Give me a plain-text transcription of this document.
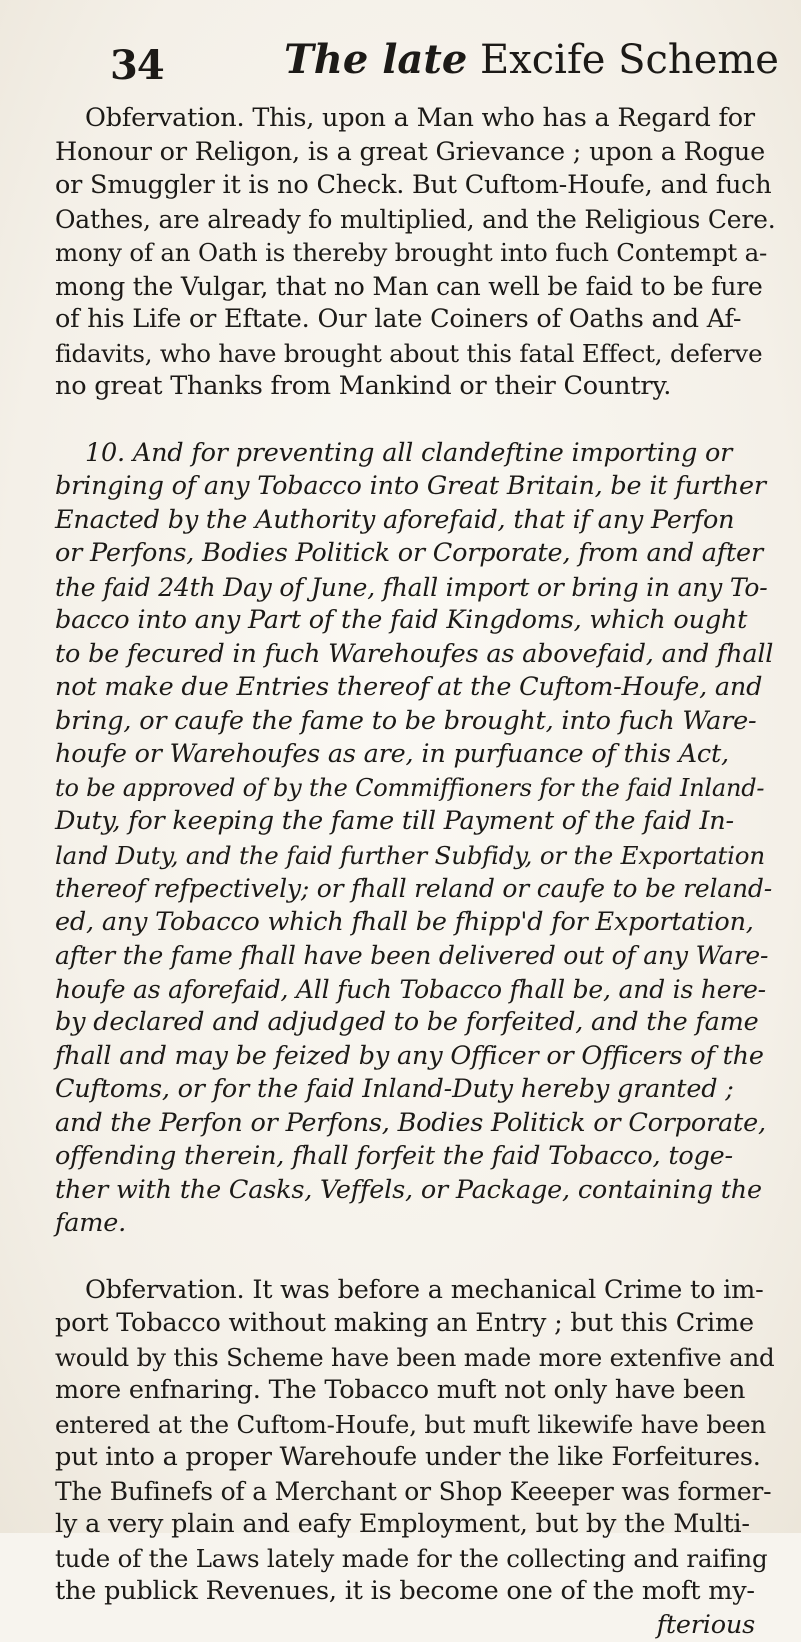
34	The late Excife Scheme
Obfervation. This, upon a Man who has a Regard for
Honour or Religon, is a great Grievance ; upon a Rogue
or Smuggler it is no Check. But Cuftom-Houfe, and fuch
Oathes, are already fo multiplied, and the Religious Cere.
mony of an Oath is thereby brought into fuch Contempt a-
mong the Vulgar, that no Man can well be faid to be fure
of his Life or Eftate. Our late Coiners of Oaths and Af-
fidavits, who have brought about this fatal Effect, deferve
no great Thanks from Mankind or their Country.
10. And for preventing all clandeftine importing or
bringing of any Tobacco into Great Britain, be it further
Enacted by the Authority aforefaid, that if any Perfon
or Perfons, Bodies Politick or Corporate, from and after
the faid 24th Day of June, fhall import or bring in any To-
bacco into any Part of the faid Kingdoms, which ought
to be fecured in fuch Warehoufes as abovefaid, and fhall
not make due Entries thereof at the Cuftom-Houfe, and
bring, or caufe the fame to be brought, into fuch Ware-
houfe or Warehoufes as are, in purfuance of this Act,
to be approved of by the Commiffioners for the faid Inland-
Duty, for keeping the fame till Payment of the faid In-
land Duty, and the faid further Subfidy, or the Exportation
thereof refpectively; or fhall reland or caufe to be reland-
ed, any Tobacco which fhall be fhipp'd for Exportation,
after the fame fhall have been delivered out of any Ware-
houfe as aforefaid, All fuch Tobacco fhall be, and is here-
by declared and adjudged to be forfeited, and the fame
fhall and may be feized by any Officer or Officers of the
Cuftoms, or for the faid Inland-Duty hereby granted ;
and the Perfon or Perfons, Bodies Politick or Corporate,
offending therein, fhall forfeit the faid Tobacco, toge-
ther with the Casks, Veffels, or Package, containing the
fame.
Obfervation. It was before a mechanical Crime to im-
port Tobacco without making an Entry ; but this Crime
would by this Scheme have been made more extenfive and
more enfnaring. The Tobacco muft not only have been
entered at the Cuftom-Houfe, but muft likewife have been
put into a proper Warehoufe under the like Forfeitures.
The Bufinefs of a Merchant or Shop Keeeper was former-
ly a very plain and eafy Employment, but by the Multi-
tude of the Laws lately made for the collecting and raifing
the publick Revenues, it is become one of the moft my-
fterious
